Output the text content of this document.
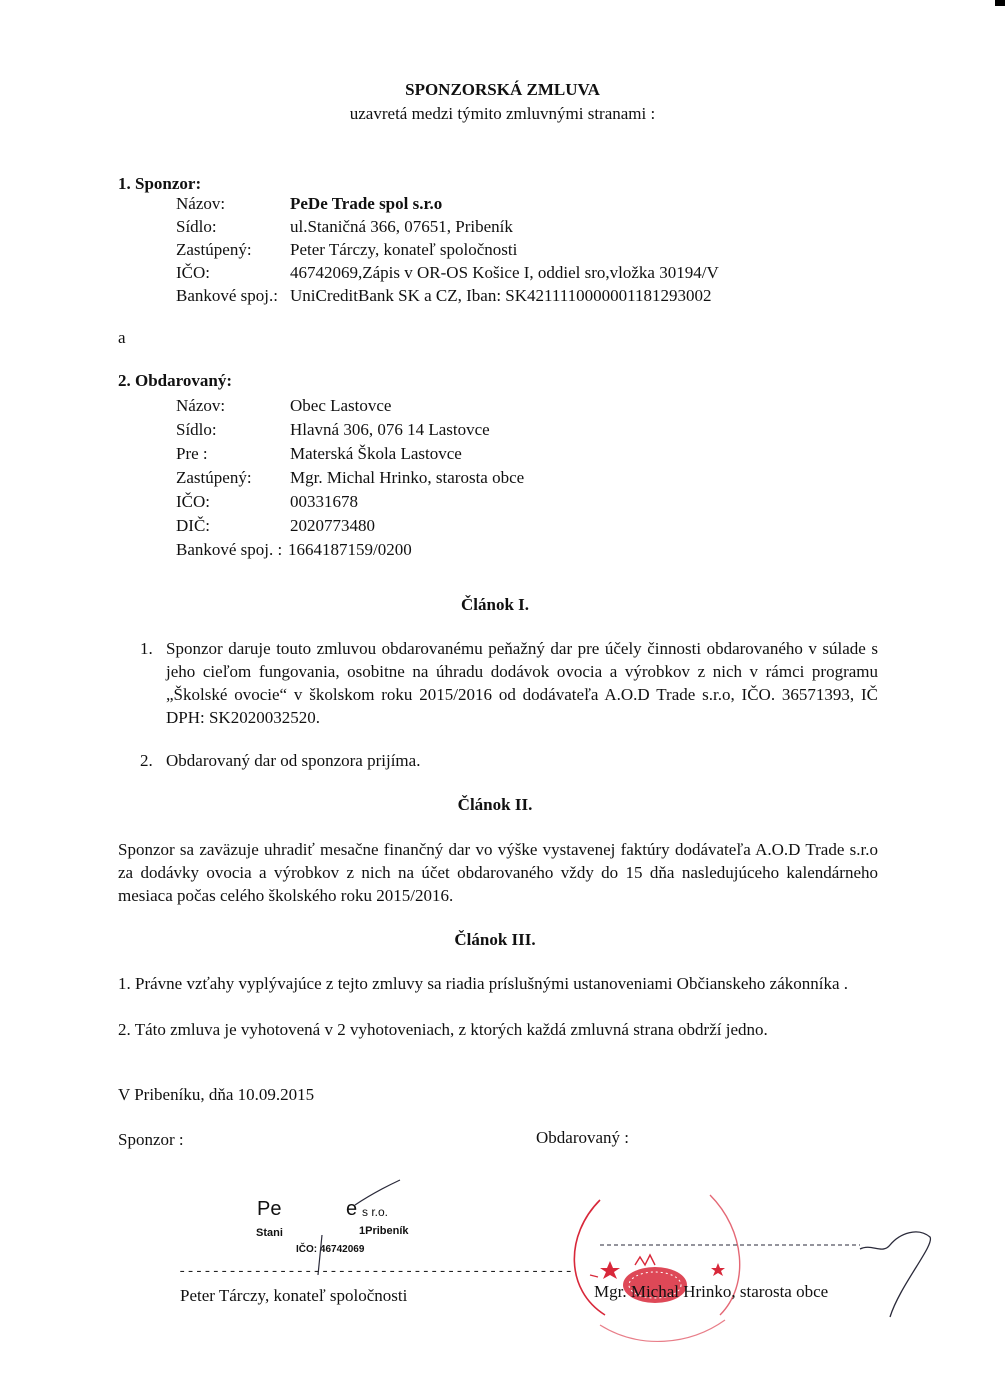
SPONZORSKÁ ZMLUVA
uzavretá medzi týmito zmluvnými stranami :
1. Sponzor:
Názov:	PeDe Trade spol s.r.o
Sídlo:	ul.Staničná 366, 07651, Pribeník
Zastúpený: Peter Tárczy, konateľ spoločnosti
IČO:	46742069,Zápis v OR-OS Košice I, oddiel sro,vložka 30194/V
Bankové spoj.: UniCreditBank SK a CZ, Iban: SK4211110000001181293002
a
2. Obdarovaný:
Názov:	Obec Lastovce
Sídlo:	Hlavná 306, 076 14 Lastovce
Pre :	Materská Škola Lastovce
Zastúpený: Mgr. Michal Hrinko, starosta obce
IČO:	00331678
DIČ:	2020773480
Bankové spoj. : 1664187159/0200
Článok I.
1. Sponzor daruje touto zmluvou obdarovanému peňažný dar pre účely činnosti obdarovaného v súlade s jeho cieľom fungovania, osobitne na úhradu dodávok ovocia a výrobkov z nich v rámci programu „Školské ovocie“ v školskom roku 2015/2016 od dodávateľa A.O.D Trade s.r.o, IČO. 36571393, IČ DPH: SK2020032520.
2. Obdarovaný dar od sponzora prijíma.
Článok II.
Sponzor sa zaväzuje uhradiť mesačne finančný dar vo výške vystavenej faktúry dodávateľa A.O.D Trade s.r.o za dodávky ovocia a výrobkov z nich na účet obdarovaného vždy do 15 dňa nasledujúceho kalendárneho mesiaca počas celého školského roku 2015/2016.
Článok III.
1. Právne vzťahy vyplývajúce z tejto zmluvy sa riadia príslušnými ustanoveniami Občianskeho zákonníka .
2. Táto zmluva je vyhotovená v 2 vyhotoveniach, z ktorých každá zmluvná strana obdrží jedno.
V Pribeníku, dňa 10.09.2015
Sponzor :	Obdarovaný :
Pe	e s r.o.
Stani	1Pribeník
IČO: 46742069
-----------------------------------------------
Peter Tárczy, konateľ spoločnosti	Mgr. Michal Hrinko, starosta obce
